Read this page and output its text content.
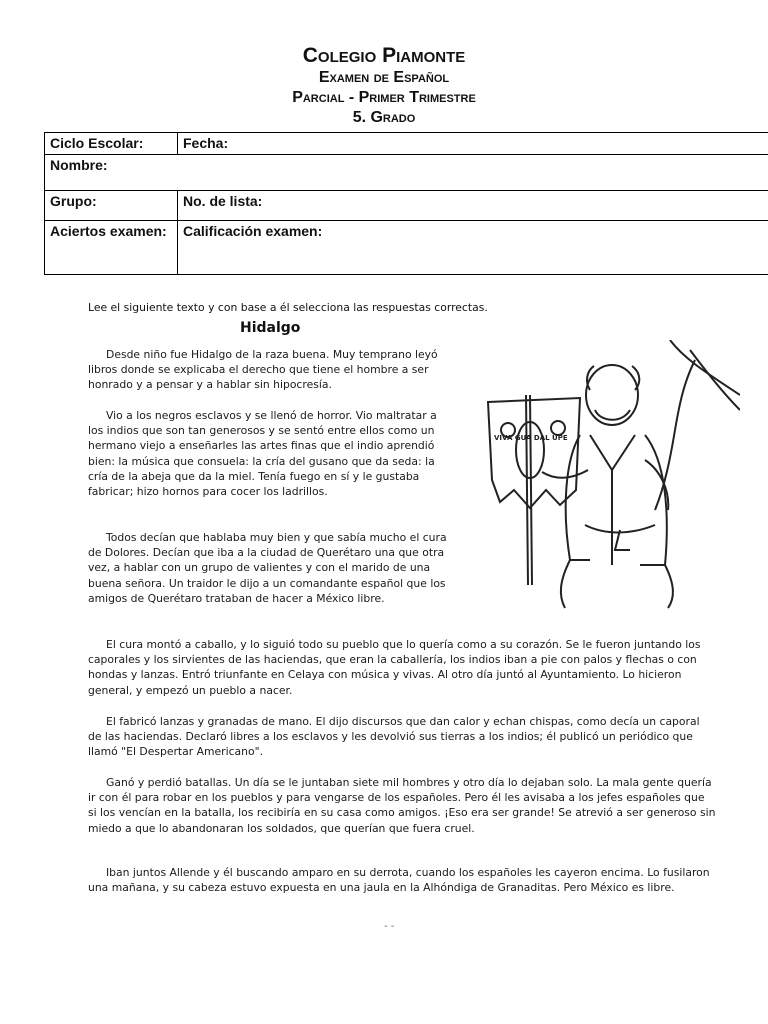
Colegio Piamonte
Examen de Español
Parcial - Primer Trimestre
5. Grado
Ciclo Escolar:	Fecha:
Nombre:	
Grupo:	No. de lista:
Aciertos examen:	Calificación examen:
Lee el siguiente texto y con base a él selecciona las respuestas correctas.
Hidalgo
Desde niño fue Hidalgo de la raza buena. Muy temprano leyó libros donde se explicaba el derecho que tiene el hombre a ser honrado y a pensar y a hablar sin hipocresía.
Vio a los negros esclavos y se llenó de horror. Vio maltratar a los indios que son tan generosos y se sentó entre ellos como un hermano viejo a enseñarles las artes finas que el indio aprendió bien: la música que consuela: la cría del gusano que da seda: la cría de la abeja que da la miel. Tenía fuego en sí y le gustaba fabricar; hizo hornos para cocer los ladrillos.
Todos decían que hablaba muy bien y que sabía mucho el cura de Dolores. Decían que iba a la ciudad de Querétaro una que otra vez, a hablar con un grupo de valientes y con el marido de una buena señora. Un traidor le dijo a un comandante español que los amigos de Querétaro trataban de hacer a México libre.
El cura montó a caballo, y lo siguió todo su pueblo que lo quería como a su corazón. Se le fueron juntando los caporales y los sirvientes de las haciendas, que eran la caballería, los indios iban a pie con palos y flechas o con hondas y lanzas. Entró triunfante en Celaya con música y vivas. Al otro día juntó al Ayuntamiento. Lo hicieron general, y empezó un pueblo a nacer.
El fabricó lanzas y granadas de mano. El dijo discursos que dan calor y echan chispas, como decía un caporal de las haciendas. Declaró libres a los esclavos y les devolvió sus tierras a los indios; él publicó un periódico que llamó "El Despertar Americano".
Ganó y perdió batallas. Un día se le juntaban siete mil hombres y otro día lo dejaban solo. La mala gente quería ir con él para robar en los pueblos y para vengarse de los españoles. Pero él les avisaba a los jefes españoles que si los vencían en la batalla, los recibiría en su casa como amigos. ¡Eso era ser grande! Se atrevió a ser generoso sin miedo a que lo abandonaran los soldados, que querían que fuera cruel.
Iban juntos Allende y él buscando amparo en su derrota, cuando los españoles les cayeron encima. Lo fusilaron una mañana, y su cabeza estuvo expuesta en una jaula en la Alhóndiga de Granaditas. Pero México es libre.
- -
VIVA GUA DAL UPE
